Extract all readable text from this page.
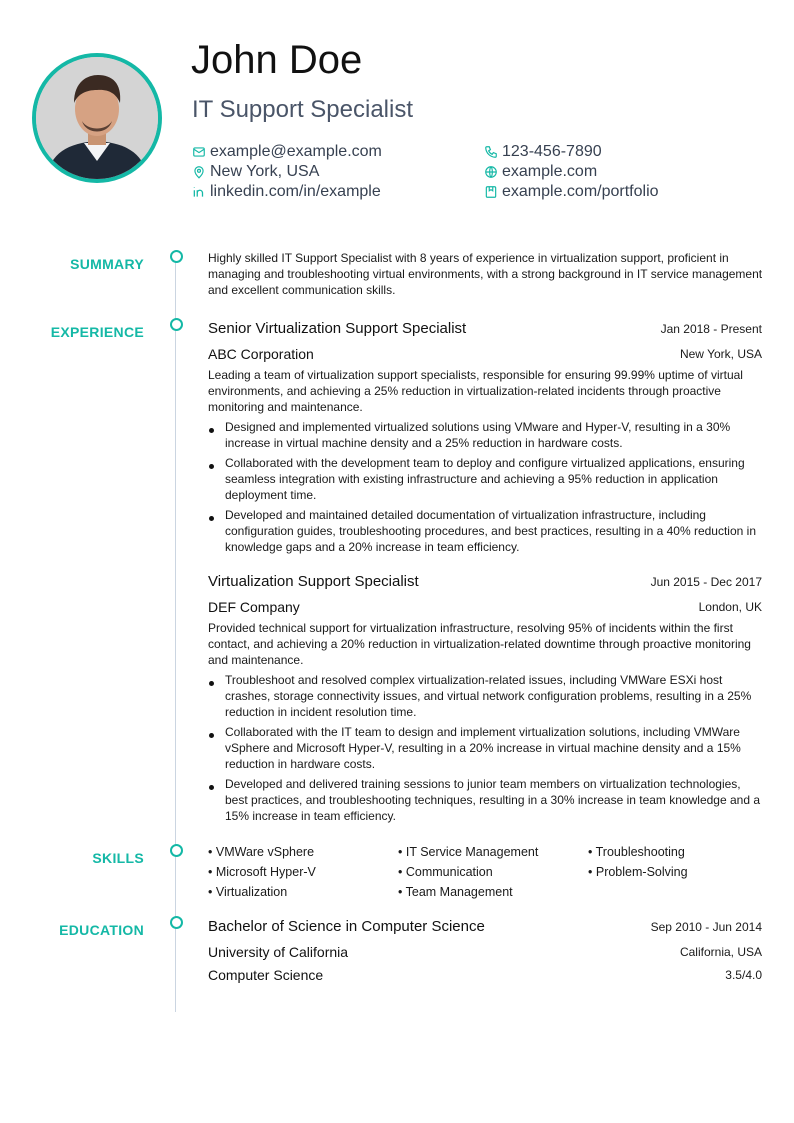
John Doe
IT Support Specialist
example@example.com	123-456-7890
New York, USA	example.com
linkedin.com/in/example	example.com/portfolio
SUMMARY	Highly skilled IT Support Specialist with 8 years of experience in virtualization support, proficient in managing and troubleshooting virtual environments, with a strong background in IT service management and excellent communication skills.
EXPERIENCE	Senior Virtualization Support Specialist	Jan 2018 - Present
ABC Corporation	New York, USA
Leading a team of virtualization support specialists, responsible for ensuring 99.99% uptime of virtual environments, and achieving a 25% reduction in virtualization-related incidents through proactive monitoring and maintenance.
Designed and implemented virtualized solutions using VMware and Hyper-V, resulting in a 30% increase in virtual machine density and a 25% reduction in hardware costs.
Collaborated with the development team to deploy and configure virtualized applications, ensuring seamless integration with existing infrastructure and achieving a 95% reduction in application deployment time.
Developed and maintained detailed documentation of virtualization infrastructure, including configuration guides, troubleshooting procedures, and best practices, resulting in a 40% reduction in knowledge gaps and a 20% increase in team efficiency.
Virtualization Support Specialist	Jun 2015 - Dec 2017
DEF Company	London, UK
Provided technical support for virtualization infrastructure, resolving 95% of incidents within the first contact, and achieving a 20% reduction in virtualization-related downtime through proactive monitoring and maintenance.
Troubleshoot and resolved complex virtualization-related issues, including VMWare ESXi host crashes, storage connectivity issues, and virtual network configuration problems, resulting in a 25% reduction in incident resolution time.
Collaborated with the IT team to design and implement virtualization solutions, including VMWare vSphere and Microsoft Hyper-V, resulting in a 20% increase in virtual machine density and a 15% reduction in hardware costs.
Developed and delivered training sessions to junior team members on virtualization technologies, best practices, and troubleshooting techniques, resulting in a 30% increase in team knowledge and a 15% increase in team efficiency.
SKILLS	• VMWare vSphere	• IT Service Management	• Troubleshooting
• Microsoft Hyper-V	• Communication	• Problem-Solving
• Virtualization	• Team Management
EDUCATION	Bachelor of Science in Computer Science	Sep 2010 - Jun 2014
University of California	California, USA
Computer Science	3.5/4.0
